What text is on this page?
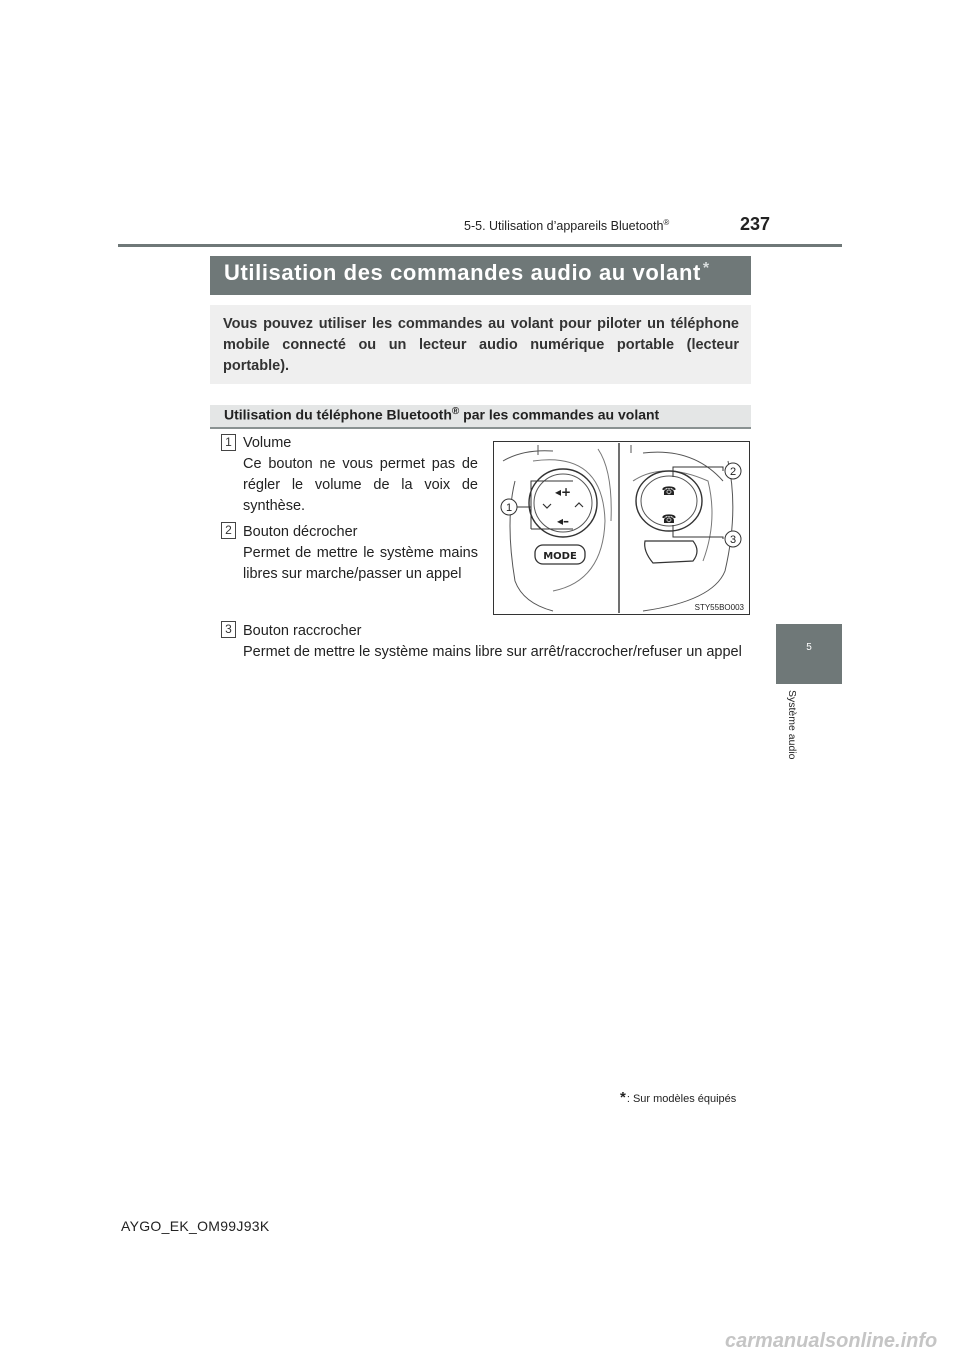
5-5. Utilisation d’appareils Bluetooth®	237
5
Système audio
Utilisation des commandes audio au volant *
Vous pouvez utiliser les commandes au volant pour piloter un téléphone mobile connecté ou un lecteur audio numérique portable (lecteur portable).
Utilisation du téléphone Bluetooth® par les commandes au volant
1 Volume
Ce bouton ne vous permet pas de régler le volume de la voix de synthèse.
2 Bouton décrocher
Permet de mettre le système mains libres sur marche/passer un appel
3 Bouton raccrocher
Permet de mettre le système mains libre sur arrêt/raccrocher/refuser un appel
◂+
◂–
MODE
☎
☎
1
2
3
STY55BO003
*: Sur modèles équipés
AYGO_EK_OM99J93K
carmanualsonline.info
